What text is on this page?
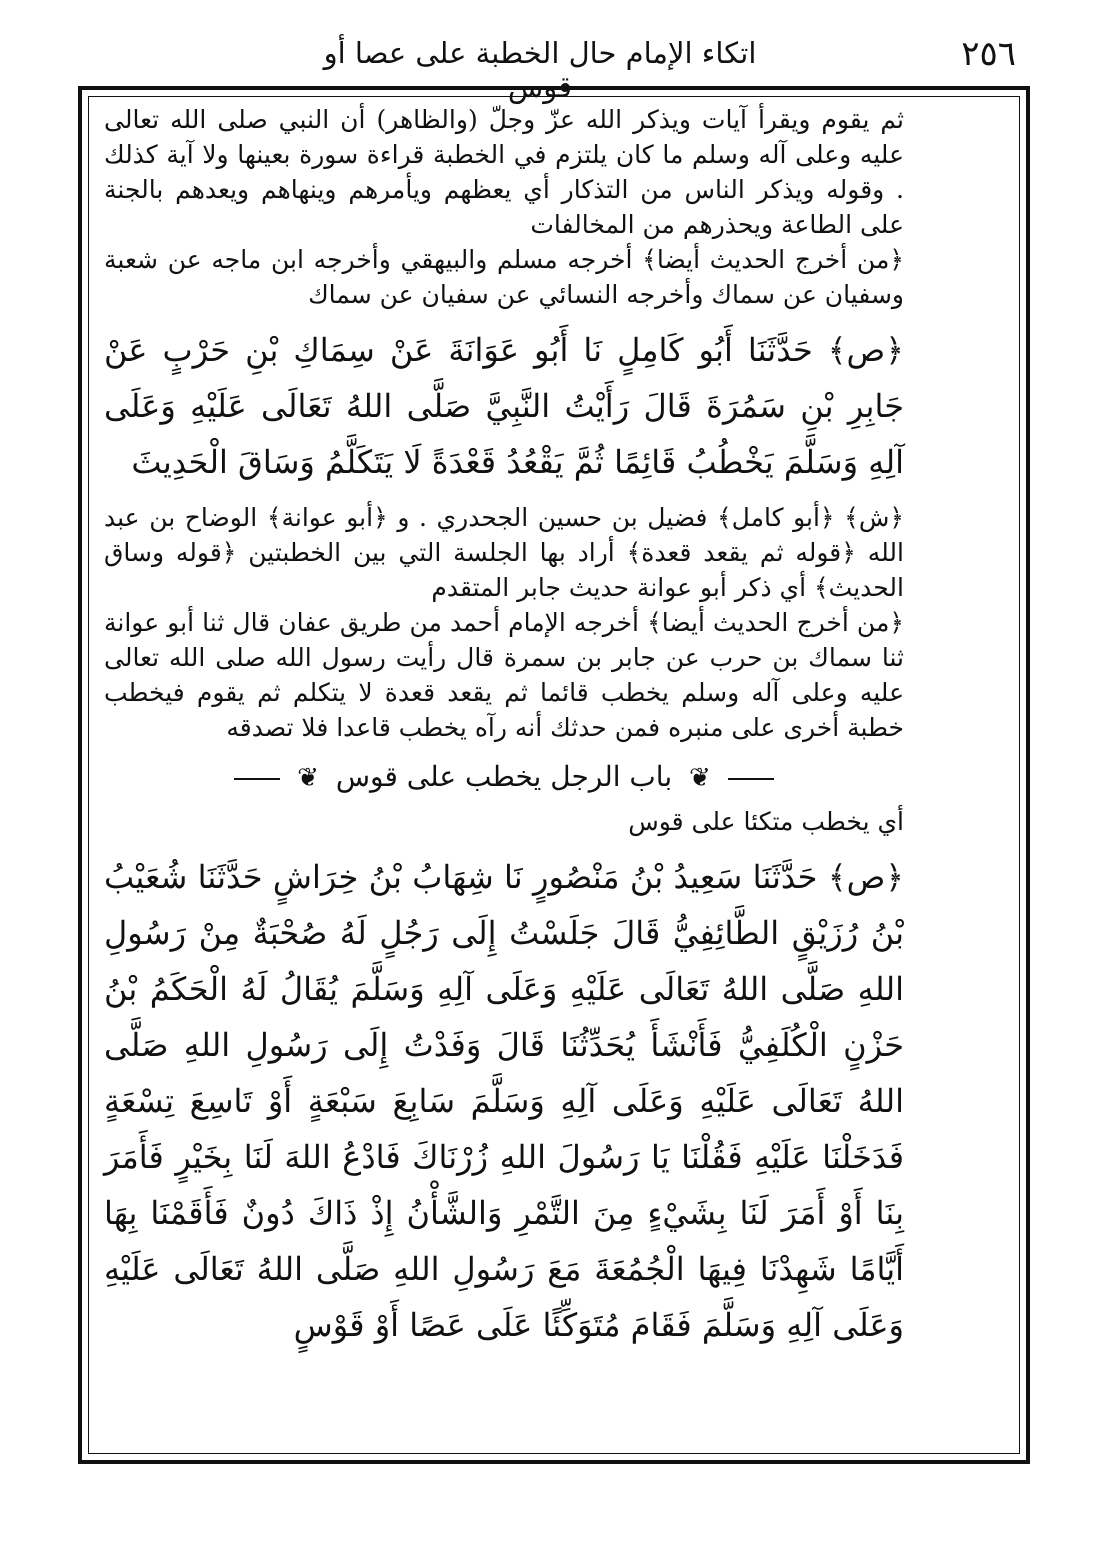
٢٥٦
اتكاء الإمام حال الخطبة على عصا أو قوس

ثم يقوم ويقرأ آيات ويذكر الله عزّ وجلّ (والظاهر) أن النبي صلى الله تعالى عليه وعلى آله وسلم ما كان يلتزم في الخطبة قراءة سورة بعينها ولا آية كذلك . وقوله ويذكر الناس من التذكار أي يعظهم ويأمرهم وينهاهم ويعدهم بالجنة على الطاعة ويحذرهم من المخالفات

﴿من أخرج الحديث أيضا﴾ أخرجه مسلم والبيهقي وأخرجه ابن ماجه عن شعبة وسفيان عن سماك وأخرجه النسائي عن سفيان عن سماك

﴿ص﴾ حَدَّثَنَا أَبُو كَامِلٍ نَا أَبُو عَوَانَةَ عَنْ سِمَاكِ بْنِ حَرْبٍ عَنْ جَابِرِ بْنِ سَمُرَةَ قَالَ رَأَيْتُ النَّبِيَّ صَلَّى اللهُ تَعَالَى عَلَيْهِ وَعَلَى آلِهِ وَسَلَّمَ يَخْطُبُ قَائِمًا ثُمَّ يَقْعُدُ قَعْدَةً لَا يَتَكَلَّمُ وَسَاقَ الْحَدِيثَ

﴿ش﴾ ﴿أبو كامل﴾ فضيل بن حسين الجحدري . و ﴿أبو عوانة﴾ الوضاح بن عبد الله ﴿قوله ثم يقعد قعدة﴾ أراد بها الجلسة التي بين الخطبتين ﴿قوله وساق الحديث﴾ أي ذكر أبو عوانة حديث جابر المتقدم

﴿من أخرج الحديث أيضا﴾ أخرجه الإمام أحمد من طريق عفان قال ثنا أبو عوانة ثنا سماك بن حرب عن جابر بن سمرة قال رأيت رسول الله صلى الله تعالى عليه وعلى آله وسلم يخطب قائما ثم يقعد قعدة لا يتكلم ثم يقوم فيخطب خطبة أخرى على منبره فمن حدثك أنه رآه يخطب قاعدا فلا تصدقه

❦ باب الرجل يخطب على قوس ❦

أي يخطب متكئا على قوس

﴿ص﴾ حَدَّثَنَا سَعِيدُ بْنُ مَنْصُورٍ نَا شِهَابُ بْنُ خِرَاشٍ حَدَّثَنَا شُعَيْبُ بْنُ رُزَيْقٍ الطَّائِفِيُّ قَالَ جَلَسْتُ إِلَى رَجُلٍ لَهُ صُحْبَةٌ مِنْ رَسُولِ اللهِ صَلَّى اللهُ تَعَالَى عَلَيْهِ وَعَلَى آلِهِ وَسَلَّمَ يُقَالُ لَهُ الْحَكَمُ بْنُ حَزْنٍ الْكُلَفِيُّ فَأَنْشَأَ يُحَدِّثُنَا قَالَ وَفَدْتُ إِلَى رَسُولِ اللهِ صَلَّى اللهُ تَعَالَى عَلَيْهِ وَعَلَى آلِهِ وَسَلَّمَ سَابِعَ سَبْعَةٍ أَوْ تَاسِعَ تِسْعَةٍ فَدَخَلْنَا عَلَيْهِ فَقُلْنَا يَا رَسُولَ اللهِ زُرْنَاكَ فَادْعُ اللهَ لَنَا بِخَيْرٍ فَأَمَرَ بِنَا أَوْ أَمَرَ لَنَا بِشَيْءٍ مِنَ التَّمْرِ وَالشَّأْنُ إِذْ ذَاكَ دُونٌ فَأَقَمْنَا بِهَا أَيَّامًا شَهِدْنَا فِيهَا الْجُمُعَةَ مَعَ رَسُولِ اللهِ صَلَّى اللهُ تَعَالَى عَلَيْهِ وَعَلَى آلِهِ وَسَلَّمَ فَقَامَ مُتَوَكِّئًا عَلَى عَصًا أَوْ قَوْسٍ
